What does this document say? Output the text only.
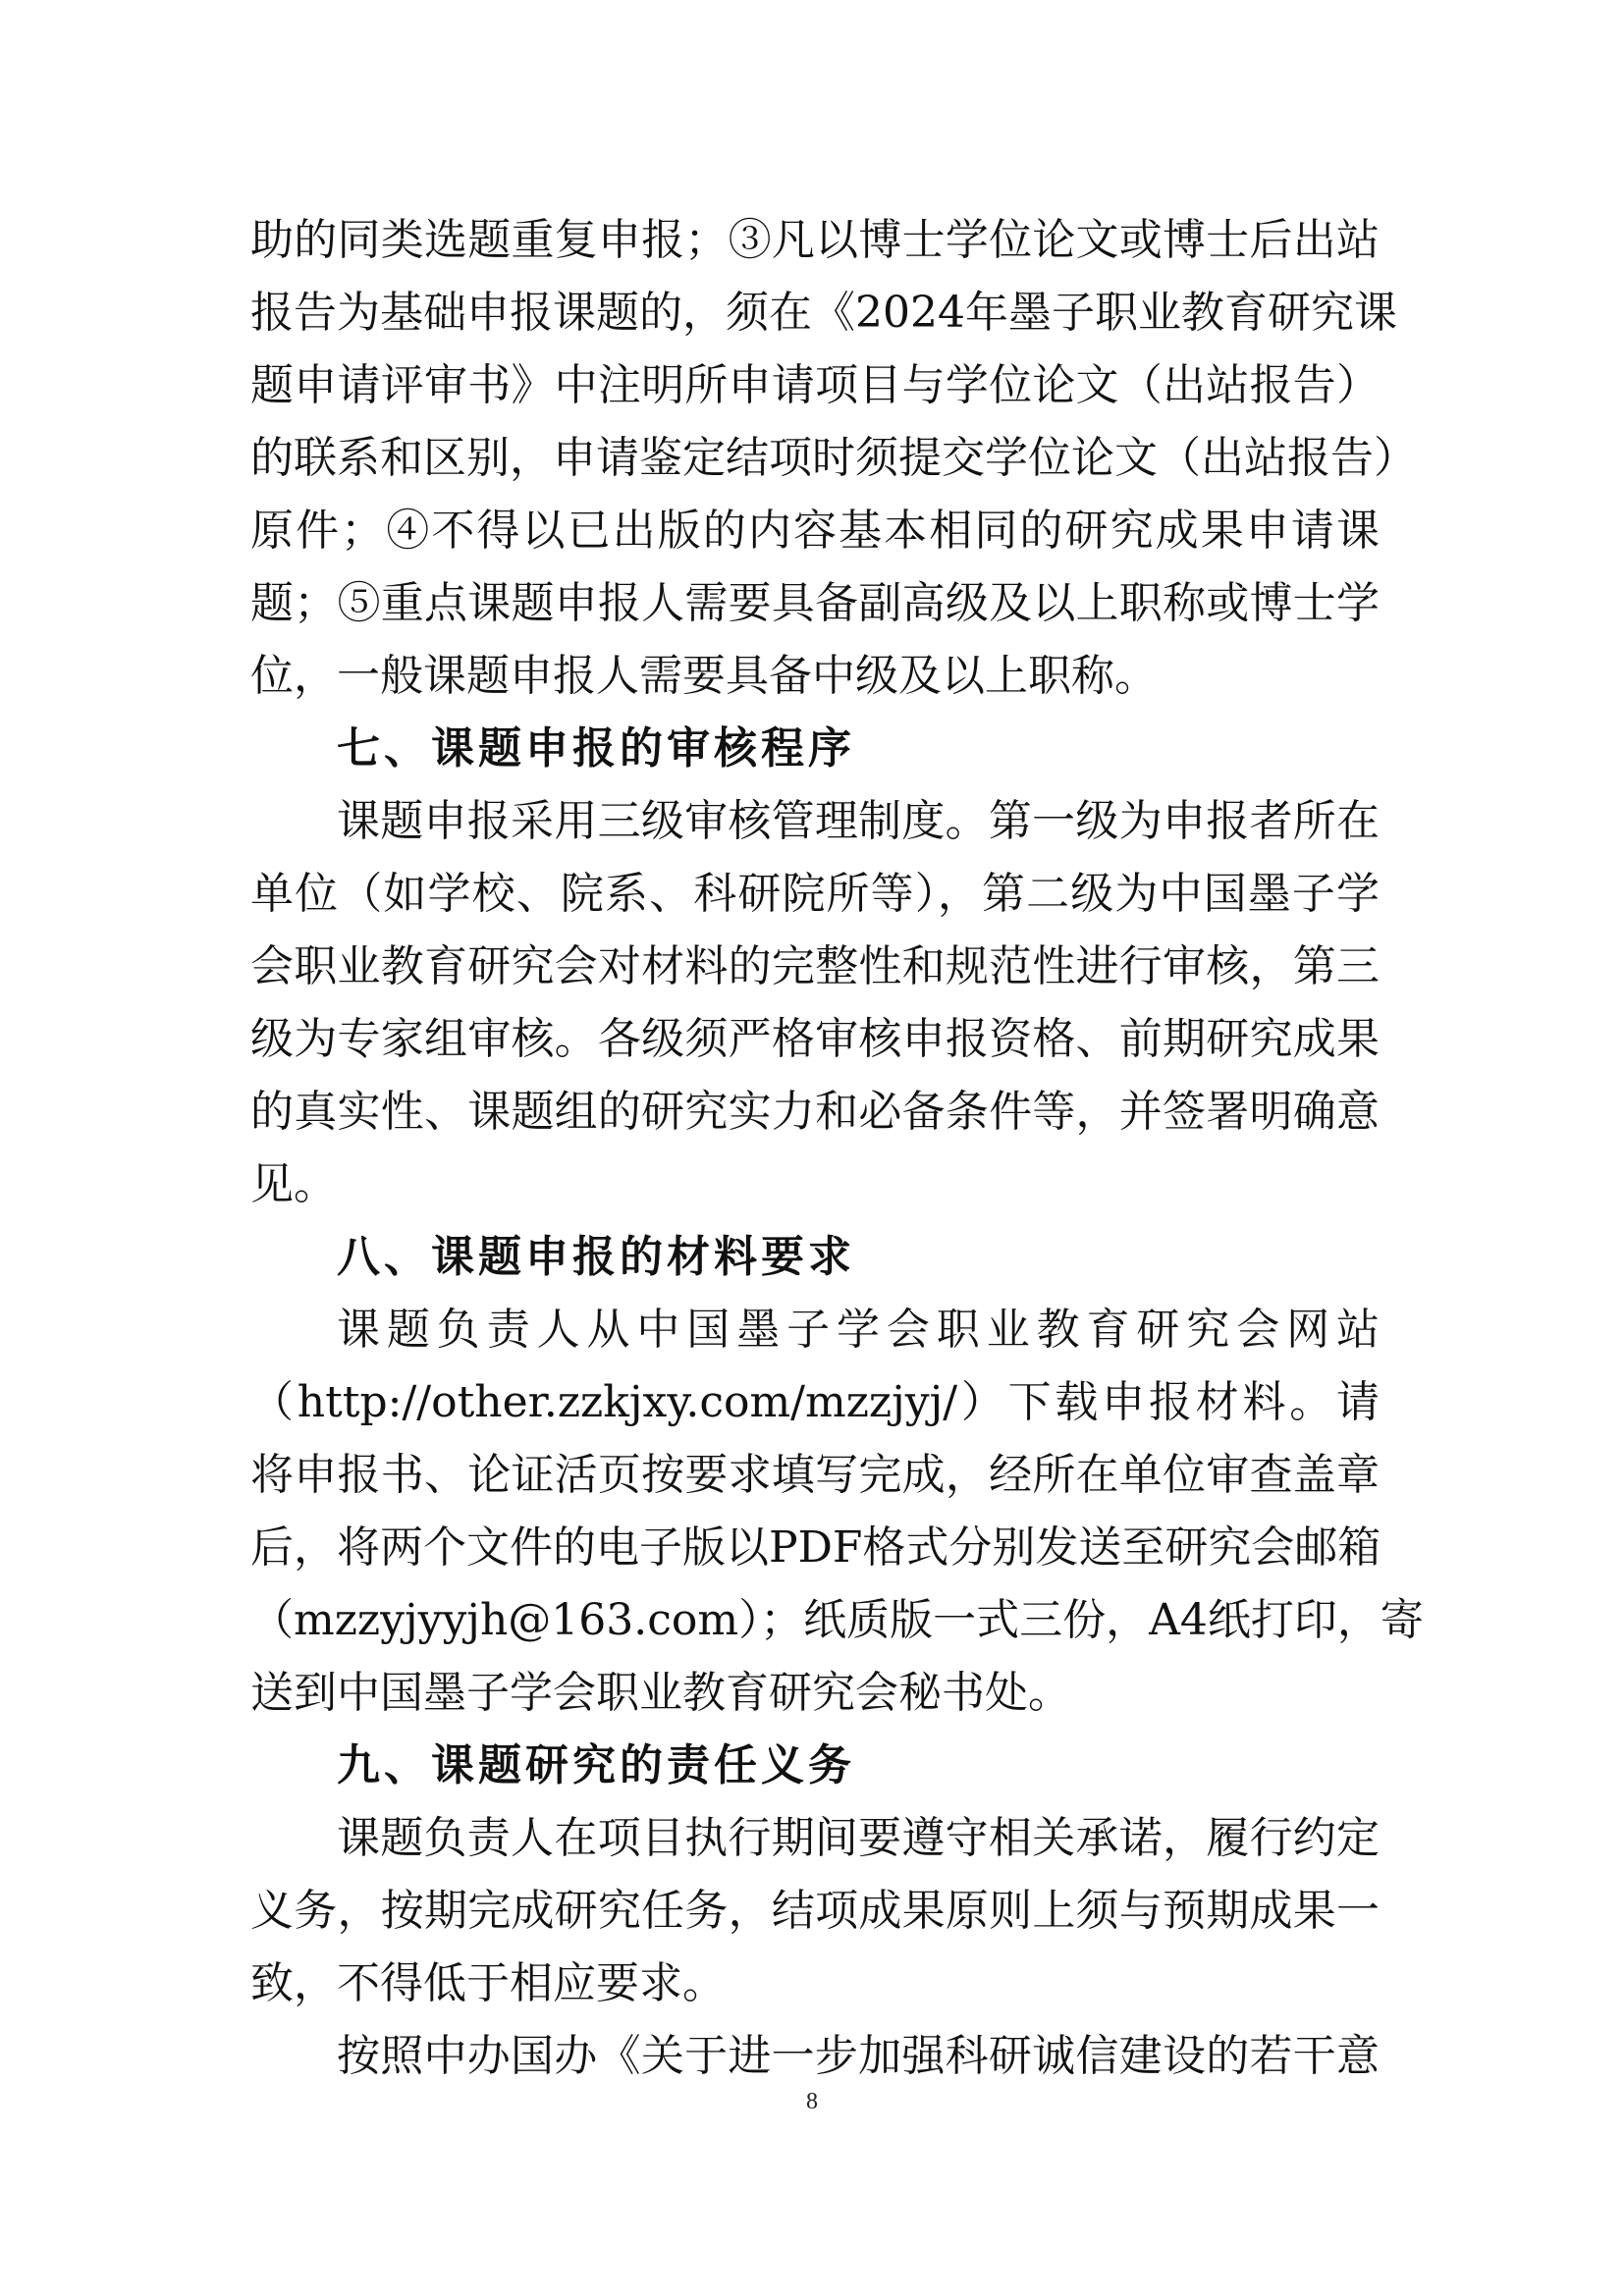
助的同类选题重复申报；③凡以博士学位论文或博士后出站
报告为基础申报课题的，须在《2024年墨子职业教育研究课
题申请评审书》中注明所申请项目与学位论文（出站报告）
的联系和区别，申请鉴定结项时须提交学位论文（出站报告）
原件；④不得以已出版的内容基本相同的研究成果申请课
题；⑤重点课题申报人需要具备副高级及以上职称或博士学
位，一般课题申报人需要具备中级及以上职称。
七、课题申报的审核程序
课题申报采用三级审核管理制度。第一级为申报者所在
单位（如学校、院系、科研院所等），第二级为中国墨子学
会职业教育研究会对材料的完整性和规范性进行审核，第三
级为专家组审核。各级须严格审核申报资格、前期研究成果
的真实性、课题组的研究实力和必备条件等，并签署明确意
见。
八、课题申报的材料要求
课题负责人从中国墨子学会职业教育研究会网站
（http://other.zzkjxy.com/mzzjyj/）下载申报材料。请
将申报书、论证活页按要求填写完成，经所在单位审查盖章
后，将两个文件的电子版以PDF格式分别发送至研究会邮箱
（mzzyjyyjh@163.com）；纸质版一式三份，A4纸打印，寄
送到中国墨子学会职业教育研究会秘书处。
九、课题研究的责任义务
课题负责人在项目执行期间要遵守相关承诺，履行约定
义务，按期完成研究任务，结项成果原则上须与预期成果一
致，不得低于相应要求。
按照中办国办《关于进一步加强科研诚信建设的若干意
8
